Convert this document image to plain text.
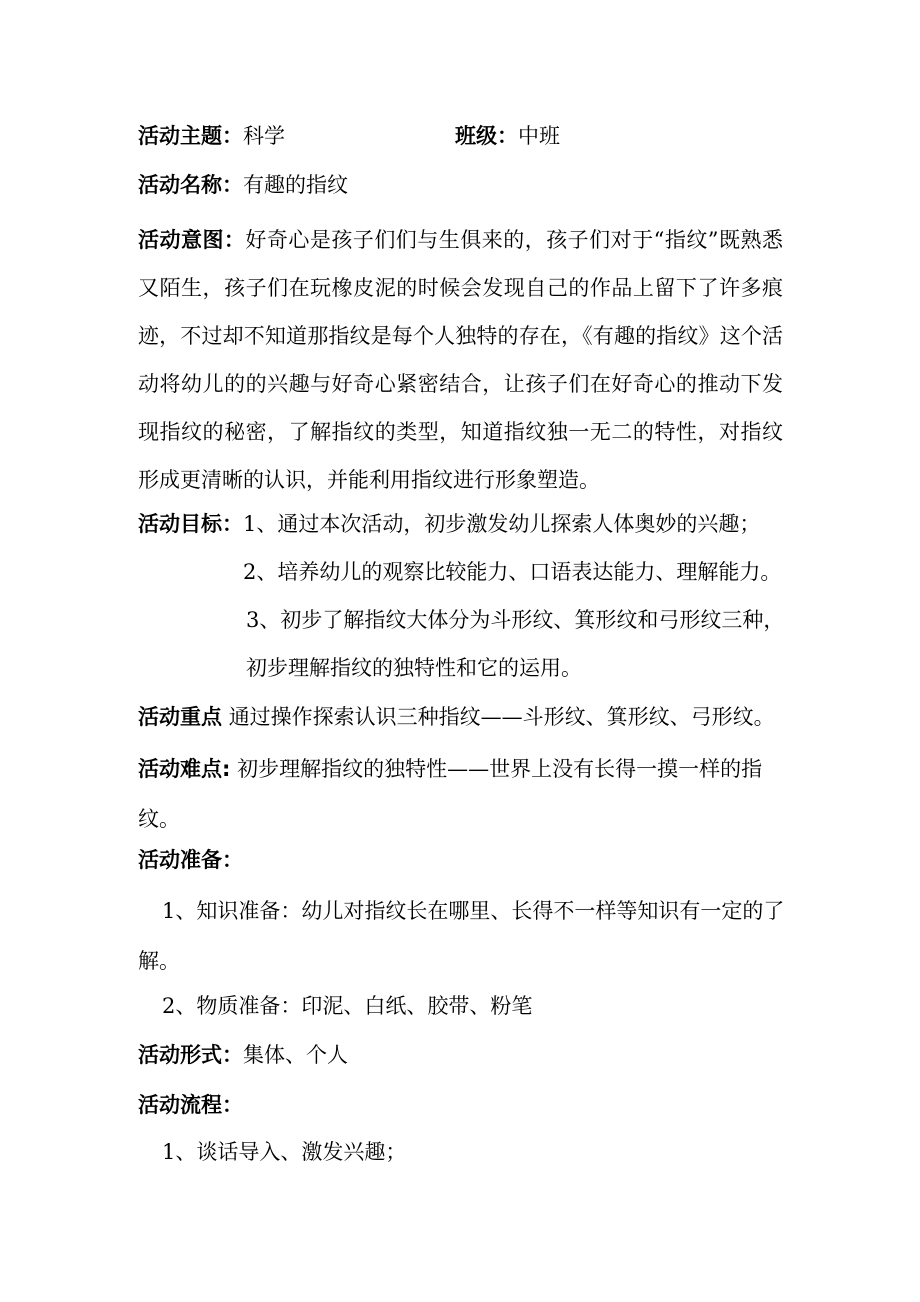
活动主题：科学	班级：中班
活动名称：有趣的指纹
活动意图：好奇心是孩子们们与生俱来的，孩子们对于“指纹”既熟悉又陌生，孩子们在玩橡皮泥的时候会发现自己的作品上留下了许多痕迹，不过却不知道那指纹是每个人独特的存在，《有趣的指纹》这个活动将幼儿的的兴趣与好奇心紧密结合，让孩子们在好奇心的推动下发现指纹的秘密，了解指纹的类型，知道指纹独一无二的特性，对指纹形成更清晰的认识，并能利用指纹进行形象塑造。
活动目标：1、通过本次活动，初步激发幼儿探索人体奥妙的兴趣；
2、培养幼儿的观察比较能力、口语表达能力、理解能力。
3、初步了解指纹大体分为斗形纹、箕形纹和弓形纹三种，
初步理解指纹的独特性和它的运用。
活动重点 通过操作探索认识三种指纹——斗形纹、箕形纹、弓形纹。
活动难点: 初步理解指纹的独特性——世界上没有长得一摸一样的指纹。
活动准备：
1、知识准备：幼儿对指纹长在哪里、长得不一样等知识有一定的了解。
2、物质准备：印泥、白纸、胶带、粉笔
活动形式：集体、个人
活动流程：
1、谈话导入、激发兴趣；
